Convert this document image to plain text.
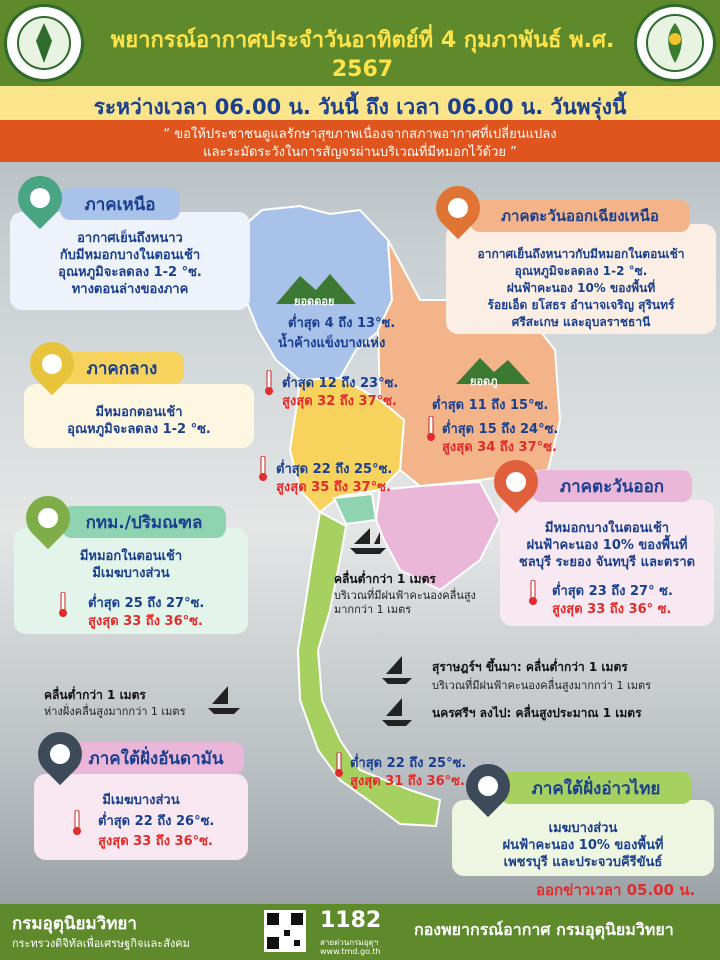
พยากรณ์อากาศประจำวันอาทิตย์ที่ 4 กุมภาพันธ์ พ.ศ. 2567
ระหว่างเวลา 06.00 น. วันนี้ ถึง เวลา 06.00 น. วันพรุ่งนี้
“ ขอให้ประชาชนดูแลรักษาสุขภาพเนื่องจากสภาพอากาศที่เปลี่ยนแปลง
และระมัดระวังในการสัญจรผ่านบริเวณที่มีหมอกไว้ด้วย ”
ยอดดอย
ต่ำสุด 4 ถึง 13°ซ.
น้ำค้างแข็งบางแห่ง
ต่ำสุด 12 ถึง 23°ซ.
สูงสุด 32 ถึง 37°ซ.
ยอดภู
ต่ำสุด 11 ถึง 15°ซ.
ต่ำสุด 15 ถึง 24°ซ.
สูงสุด 34 ถึง 37°ซ.
ต่ำสุด 22 ถึง 25°ซ.
สูงสุด 35 ถึง 37°ซ.
คลื่นต่ำกว่า 1 เมตร
บริเวณที่มีฝนฟ้าคะนองคลื่นสูง
มากกว่า 1 เมตร
สุราษฎร์ฯ ขึ้นมา: คลื่นต่ำกว่า 1 เมตร
บริเวณที่มีฝนฟ้าคะนองคลื่นสูงมากกว่า 1 เมตร
นครศรีฯ ลงไป: คลื่นสูงประมาณ 1 เมตร
คลื่นต่ำกว่า 1 เมตร
ห่างฝั่งคลื่นสูงมากกว่า 1 เมตร
ต่ำสุด 22 ถึง 25°ซ.
สูงสุด 31 ถึง 36°ซ.
อากาศเย็นถึงหนาว
กับมีหมอกบางในตอนเช้า
อุณหภูมิจะลดลง 1-2 °ซ.
ทางตอนล่างของภาค
ภาคเหนือ
อากาศเย็นถึงหนาวกับมีหมอกในตอนเช้า
อุณหภูมิจะลดลง 1-2 °ซ.
ฝนฟ้าคะนอง 10% ของพื้นที่
ร้อยเอ็ด ยโสธร อำนาจเจริญ สุรินทร์
ศรีสะเกษ และอุบลราชธานี
ภาคตะวันออกเฉียงเหนือ
มีหมอกตอนเช้า
อุณหภูมิจะลดลง 1-2 °ซ.
ภาคกลาง
มีหมอกในตอนเช้า
มีเมฆบางส่วน
กทม./ปริมณฑล
ต่ำสุด 25 ถึง 27°ซ.
สูงสุด 33 ถึง 36°ซ.
มีหมอกบางในตอนเช้า
ฝนฟ้าคะนอง 10% ของพื้นที่
ชลบุรี ระยอง จันทบุรี และตราด
ภาคตะวันออก
ต่ำสุด 23 ถึง 27° ซ.
สูงสุด 33 ถึง 36° ซ.
มีเมฆบางส่วน
ภาคใต้ฝั่งอันดามัน
ต่ำสุด 22 ถึง 26°ซ.
สูงสุด 33 ถึง 36°ซ.
เมฆบางส่วน
ฝนฟ้าคะนอง 10% ของพื้นที่
เพชรบุรี และประจวบคีรีขันธ์
ภาคใต้ฝั่งอ่าวไทย
ออกข่าวเวลา 05.00 น.
กรมอุตุนิยมวิทยา
กระทรวงดิจิทัลเพื่อเศรษฐกิจและสังคม
1182
สายด่วนกรมอุตุฯ
www.tmd.go.th
กองพยากรณ์อากาศ กรมอุตุนิยมวิทยา
